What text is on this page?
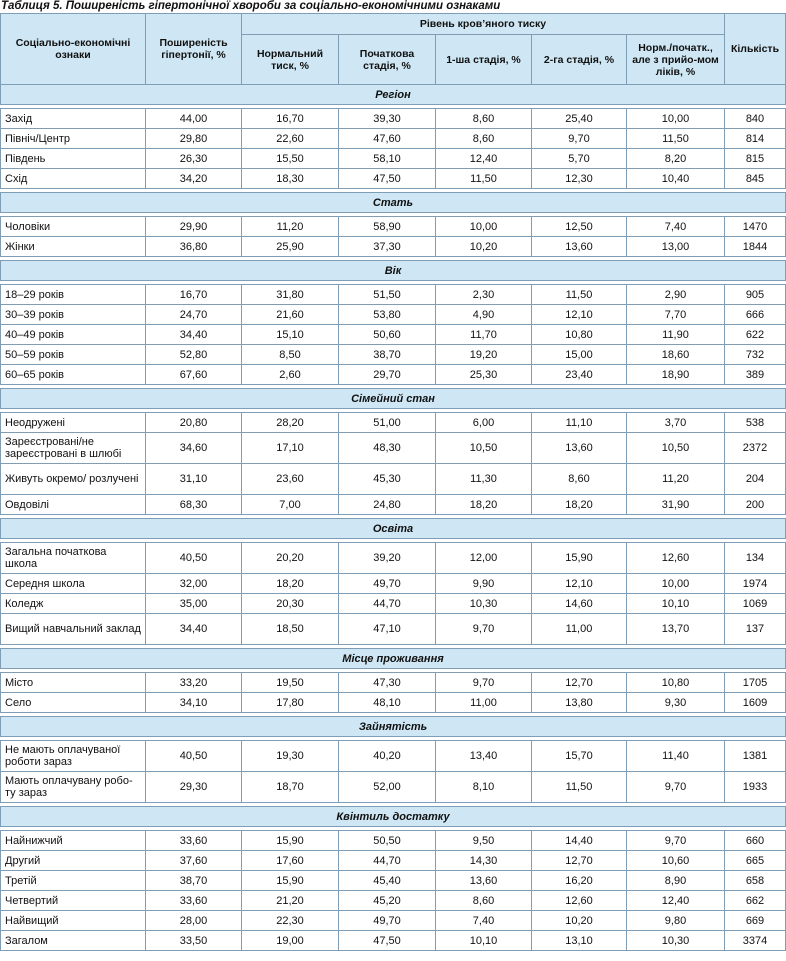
Таблиця 5. Поширеність гіпертонічної хвороби за соціально-економічними ознаками
Соціально-економічні ознаки	Поширеність гіпертонії, %	Рівень кров’яного тиску					Кількість
		Нормальний тиск, %	Початкова стадія, %	1-ша стадія, %	2-га стадія, %	Норм./початк., але з прийо-мом ліків, %	
Регіон							

Захід	44,00	16,70	39,30	8,60	25,40	10,00	840
Північ/Центр	29,80	22,60	47,60	8,60	9,70	11,50	814
Південь	26,30	15,50	58,10	12,40	5,70	8,20	815
Схід	34,20	18,30	47,50	11,50	12,30	10,40	845

Стать							

Чоловіки	29,90	11,20	58,90	10,00	12,50	7,40	1470
Жінки	36,80	25,90	37,30	10,20	13,60	13,00	1844

Вік							

18–29 років	16,70	31,80	51,50	2,30	11,50	2,90	905
30–39 років	24,70	21,60	53,80	4,90	12,10	7,70	666
40–49 років	34,40	15,10	50,60	11,70	10,80	11,90	622
50–59 років	52,80	8,50	38,70	19,20	15,00	18,60	732
60–65 років	67,60	2,60	29,70	25,30	23,40	18,90	389

Сімейний стан							

Неодружені	20,80	28,20	51,00	6,00	11,10	3,70	538
Зареєстровані/не зареєстровані в шлюбі	34,60	17,10	48,30	10,50	13,60	10,50	2372
Живуть окремо/ розлучені	31,10	23,60	45,30	11,30	8,60	11,20	204
Овдовілі	68,30	7,00	24,80	18,20	18,20	31,90	200

Освіта							

Загальна початкова школа	40,50	20,20	39,20	12,00	15,90	12,60	134
Середня школа	32,00	18,20	49,70	9,90	12,10	10,00	1974
Коледж	35,00	20,30	44,70	10,30	14,60	10,10	1069
Вищий навчальний заклад	34,40	18,50	47,10	9,70	11,00	13,70	137

Місце проживання							

Місто	33,20	19,50	47,30	9,70	12,70	10,80	1705
Село	34,10	17,80	48,10	11,00	13,80	9,30	1609

Зайнятість							

Не мають оплачуваної роботи зараз	40,50	19,30	40,20	13,40	15,70	11,40	1381
Мають оплачувану робо-ту зараз	29,30	18,70	52,00	8,10	11,50	9,70	1933

Квінтиль достатку							

Найнижчий	33,60	15,90	50,50	9,50	14,40	9,70	660
Другий	37,60	17,60	44,70	14,30	12,70	10,60	665
Третій	38,70	15,90	45,40	13,60	16,20	8,90	658
Четвертий	33,60	21,20	45,20	8,60	12,60	12,40	662
Найвищий	28,00	22,30	49,70	7,40	10,20	9,80	669
Загалом	33,50	19,00	47,50	10,10	13,10	10,30	3374
